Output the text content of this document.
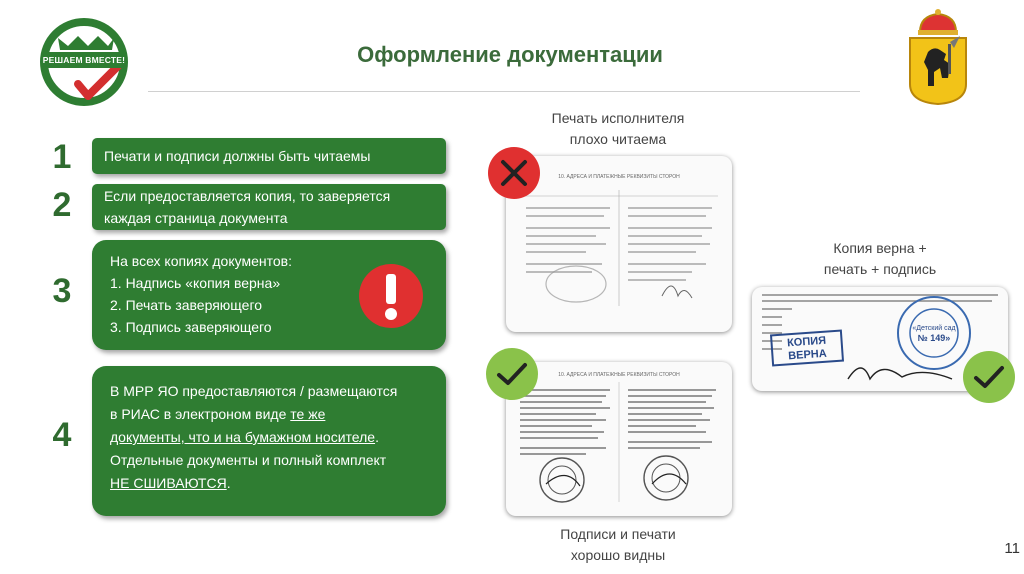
РЕШАЕМ ВМЕСТЕ!	Оформление документации
1
2
3
4
Печати и подписи должны быть читаемы
Если предоставляется копия, то заверяется
каждая страница документа
На всех копиях документов:
1. Надпись «копия верна»
2. Печать заверяющего
3. Подпись заверяющего
В МРР ЯО предоставляются / размещаются
в РИАС в электроном виде те же
документы, что и на бумажном носителе.
Отдельные документы и полный комплект
НЕ СШИВАЮТСЯ.
Печать исполнителя
плохо читаема
Копия верна +
печать + подпись
Подписи и печати
хорошо видны
10. АДРЕСА И ПЛАТЕЖНЫЕ РЕКВИЗИТЫ СТОРОН
10. АДРЕСА И ПЛАТЕЖНЫЕ РЕКВИЗИТЫ СТОРОН
КОПИЯ
ВЕРНА
«Детский сад
№ 149»
11
